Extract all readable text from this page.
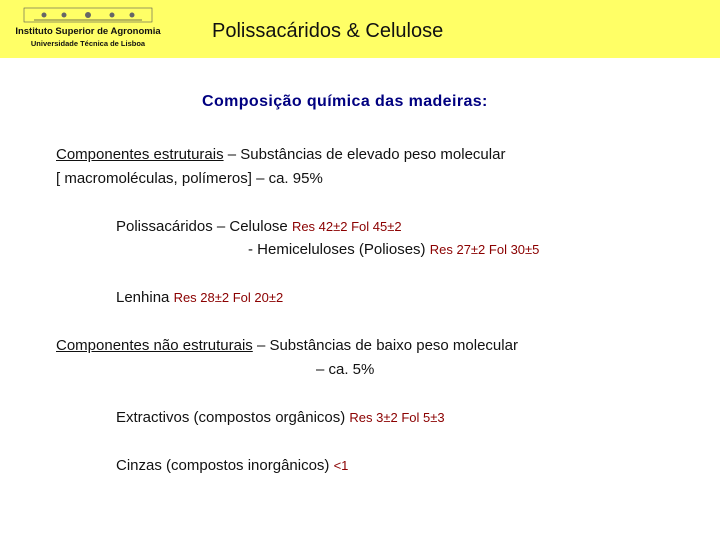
Instituto Superior de Agronomia
Universidade Técnica de Lisboa
Polissacáridos & Celulose
Composição química das madeiras:
Componentes estruturais – Substâncias de elevado peso molecular
[ macromoléculas, polímeros] – ca. 95%
Polissacáridos – Celulose Res 42±2 Fol 45±2
- Hemiceluloses (Polioses) Res 27±2 Fol 30±5
Lenhina Res 28±2 Fol 20±2
Componentes não estruturais – Substâncias de baixo peso molecular
– ca. 5%
Extractivos (compostos orgânicos) Res 3±2 Fol 5±3
Cinzas (compostos inorgânicos) <1
